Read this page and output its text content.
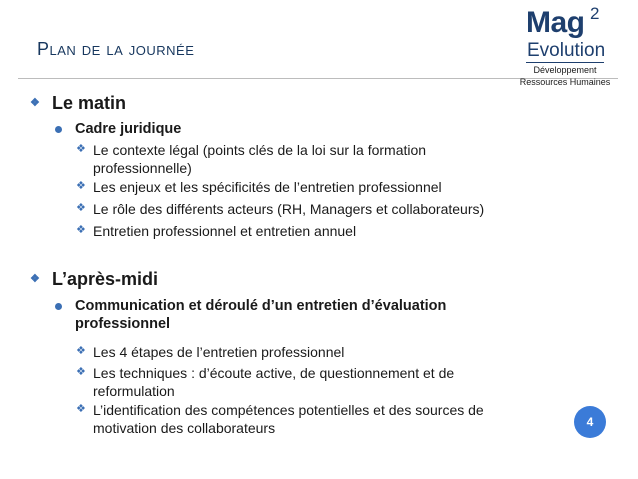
Plan de la journée
Mag 2
Evolution
Développement
Ressources Humaines
❖ Le matin
Cadre juridique
❖ Le contexte légal (points clés de la loi sur la formation
professionnelle)
❖ Les enjeux et les spécificités de l’entretien professionnel
❖ Le rôle des différents acteurs (RH, Managers et collaborateurs)
❖ Entretien professionnel et entretien annuel
❖ L’après-midi
Communication et déroulé d’un entretien d’évaluation
professionnel
❖ Les 4 étapes de l’entretien professionnel
❖ Les techniques : d’écoute active, de questionnement et de
reformulation
❖ L’identification des compétences potentielles et des sources de
motivation des collaborateurs	4
